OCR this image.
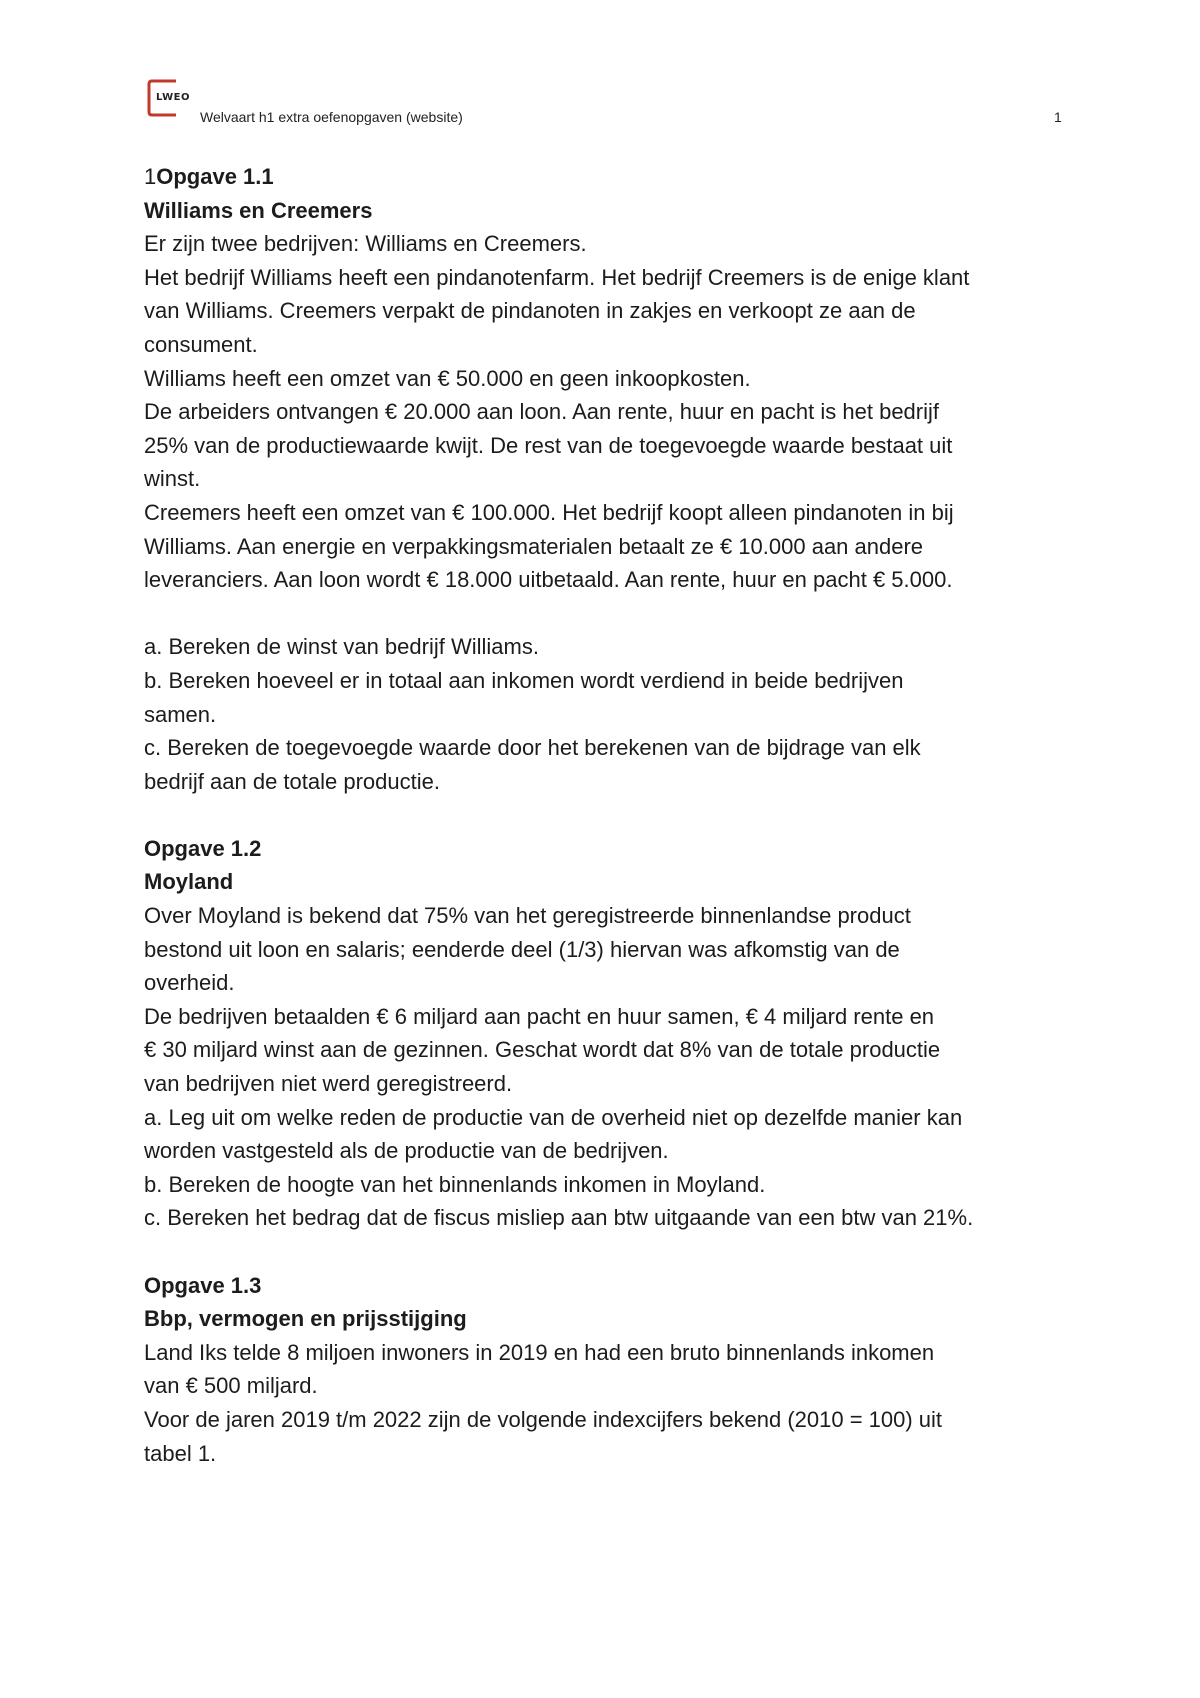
LWEO
Welvaart h1 extra oefenopgaven (website)	1

1Opgave 1.1

Williams en Creemers

Er zijn twee bedrijven: Williams en Creemers.

Het bedrijf Williams heeft een pindanotenfarm. Het bedrijf Creemers is de enige klant

van Williams. Creemers verpakt de pindanoten in zakjes en verkoopt ze aan de

consument.

Williams heeft een omzet van € 50.000 en geen inkoopkosten.

De arbeiders ontvangen € 20.000 aan loon. Aan rente, huur en pacht is het bedrijf

25% van de productiewaarde kwijt. De rest van de toegevoegde waarde bestaat uit

winst.

Creemers heeft een omzet van € 100.000. Het bedrijf koopt alleen pindanoten in bij

Williams. Aan energie en verpakkingsmaterialen betaalt ze € 10.000 aan andere

leveranciers. Aan loon wordt € 18.000 uitbetaald. Aan rente, huur en pacht € 5.000.

a. Bereken de winst van bedrijf Williams.

b. Bereken hoeveel er in totaal aan inkomen wordt verdiend in beide bedrijven

samen.

c. Bereken de toegevoegde waarde door het berekenen van de bijdrage van elk

bedrijf aan de totale productie.

Opgave 1.2

Moyland

Over Moyland is bekend dat 75% van het geregistreerde binnenlandse product

bestond uit loon en salaris; eenderde deel (1/3) hiervan was afkomstig van de

overheid.

De bedrijven betaalden € 6 miljard aan pacht en huur samen, € 4 miljard rente en

€ 30 miljard winst aan de gezinnen. Geschat wordt dat 8% van de totale productie

van bedrijven niet werd geregistreerd.

a. Leg uit om welke reden de productie van de overheid niet op dezelfde manier kan

worden vastgesteld als de productie van de bedrijven.

b. Bereken de hoogte van het binnenlands inkomen in Moyland.

c. Bereken het bedrag dat de fiscus misliep aan btw uitgaande van een btw van 21%.

Opgave 1.3

Bbp, vermogen en prijsstijging

Land Iks telde 8 miljoen inwoners in 2019 en had een bruto binnenlands inkomen

van € 500 miljard.

Voor de jaren 2019 t/m 2022 zijn de volgende indexcijfers bekend (2010 = 100) uit

tabel 1.
